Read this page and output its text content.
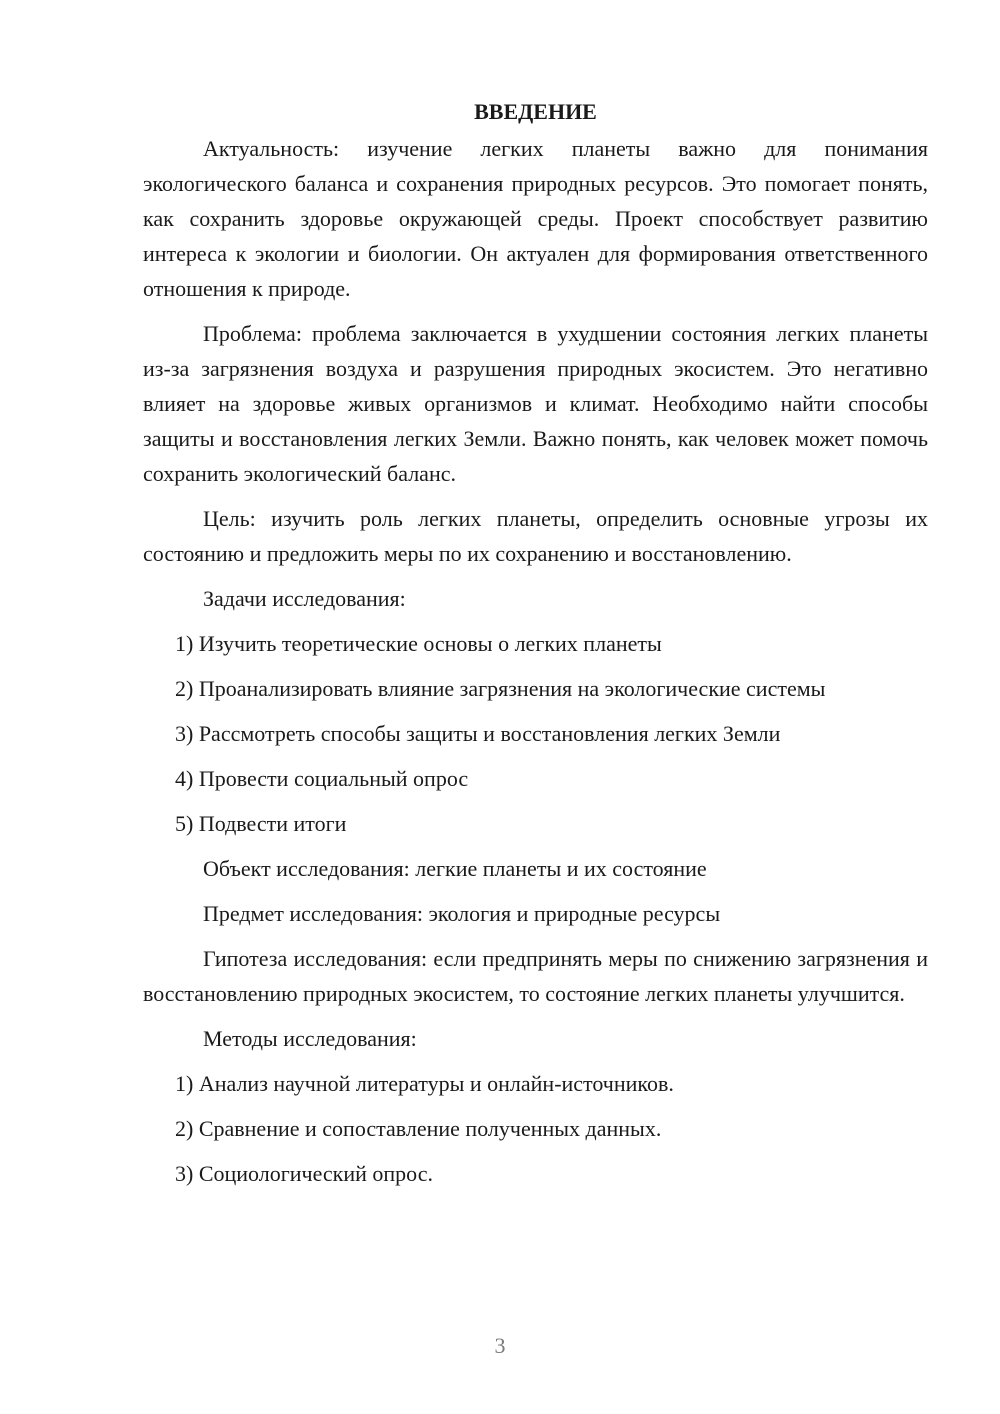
ВВЕДЕНИЕ

Актуальность: изучение легких планеты важно для понимания экологического баланса и сохранения природных ресурсов. Это помогает понять, как сохранить здоровье окружающей среды. Проект способствует развитию интереса к экологии и биологии. Он актуален для формирования ответственного отношения к природе.

Проблема: проблема заключается в ухудшении состояния легких планеты из-за загрязнения воздуха и разрушения природных экосистем. Это негативно влияет на здоровье живых организмов и климат. Необходимо найти способы защиты и восстановления легких Земли. Важно понять, как человек может помочь сохранить экологический баланс.

Цель: изучить роль легких планеты, определить основные угрозы их состоянию и предложить меры по их сохранению и восстановлению.

Задачи исследования:

1) Изучить теоретические основы о легких планеты

2) Проанализировать влияние загрязнения на экологические системы

3) Рассмотреть способы защиты и восстановления легких Земли

4) Провести социальный опрос

5) Подвести итоги

Объект исследования: легкие планеты и их состояние

Предмет исследования: экология и природные ресурсы

Гипотеза исследования: если предпринять меры по снижению загрязнения и восстановлению природных экосистем, то состояние легких планеты улучшится.

Методы исследования:

1) Анализ научной литературы и онлайн-источников.

2) Сравнение и сопоставление полученных данных.

3) Социологический опрос.

3
